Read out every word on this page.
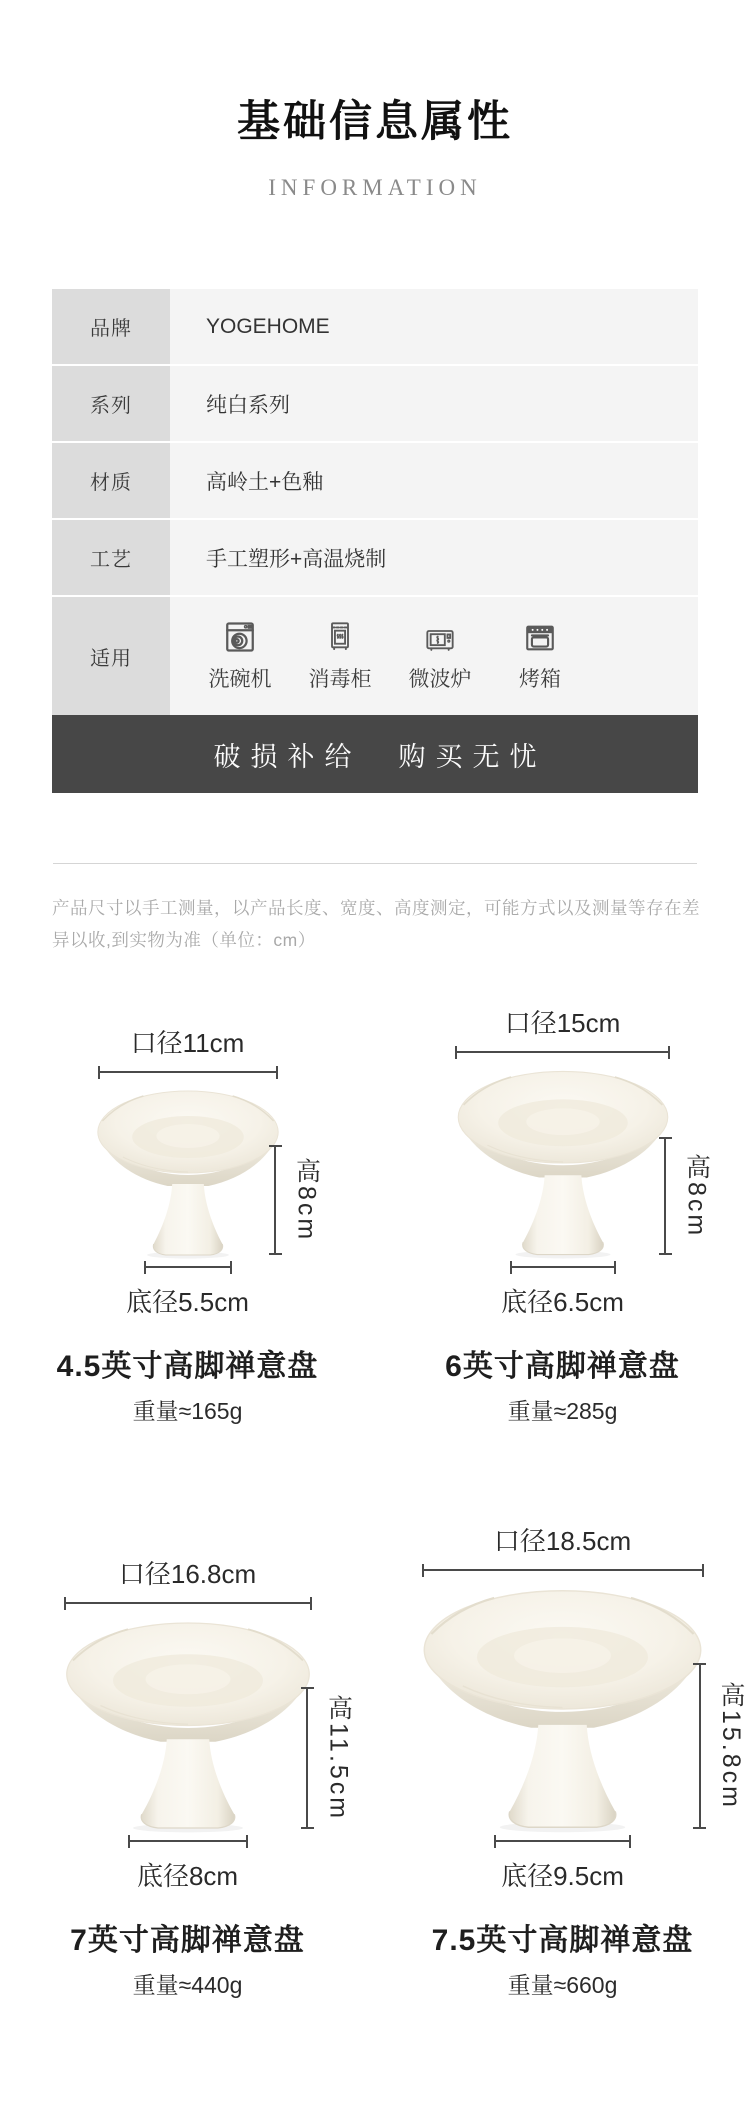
基础信息属性
INFORMATION
品牌	YOGEHOME
系列	纯白系列
材质	高岭土+色釉
工艺	手工塑形+高温烧制
适用
洗碗机 消毒柜 微波炉 烤箱
破损补给　购买无忧

产品尺寸以手工测量，以产品长度、宽度、高度测定，可能方式以及测量等存在差异以收,到实物为准（单位：cm）

口径11cm
高8cm
底径5.5cm
4.5英寸高脚禅意盘
重量≈165g
口径15cm
高8cm
底径6.5cm
6英寸高脚禅意盘
重量≈285g
口径16.8cm
高11.5cm
底径8cm
7英寸高脚禅意盘
重量≈440g
口径18.5cm
高15.8cm
底径9.5cm
7.5英寸高脚禅意盘
重量≈660g
